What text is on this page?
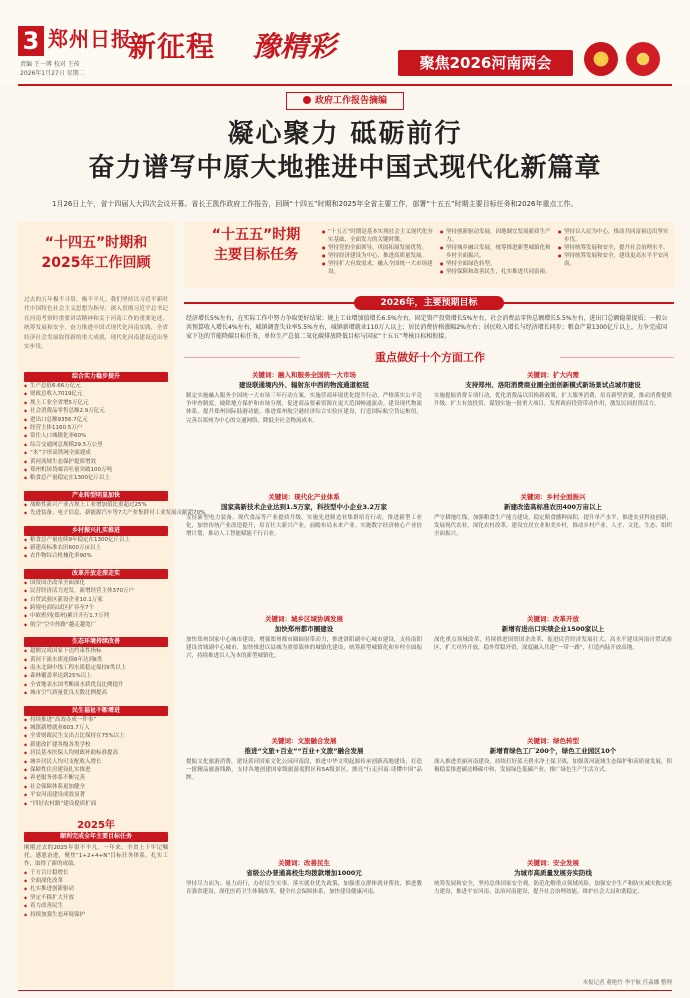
3 郑州日报
责编 王一博 校对 王传
2026年1月27日 星期二
新征程 豫精彩	聚焦2026河南两会	★	★
政府工作报告摘编
凝心聚力 砥砺前行
奋力谱写中原大地推进中国式现代化新篇章
1月26日上午，省十四届人大四次会议开幕。省长王凯作政府工作报告，回顾“十四五”时期和2025年全省主要工作，部署“十五五”时期主要目标任务和2026年重点工作。
“十四五”时期和
2025年工作回顾
过去的五年极不寻常、极不平凡。我们坚持以习近平新时代中国特色社会主义思想为指导，深入贯彻习近平总书记在河南考察时重要讲话精神和关于河南工作的重要论述，统筹发展和安全，奋力推进中国式现代化河南实践，全省经济社会发展取得新的重大成就，现代化河南建设迈出坚实步伐。
综合实力稳步提升
◆ 生产总值6.66万亿元
◆ 财政总收入7019亿元
◆ 规上工业全省增5万亿元
◆ 社会消费品零售总额2.9万亿元
◆ 进出口总额9356.7亿元
◆ 经营主体1160.5万户
◆ 常住人口城镇化率60%
◆ 综合交通网总规模29.5万公里
◆ “米”字形高铁网全面建成
◆ 黄河流域生态保护提质增效
◆ 郑州机场货邮吞吐量突破100万吨
◆ 粮食总产量稳定在1300亿斤以上
产业转型明显加快
◆ 战略性新兴产业占规上工业增加值比重超过25%
◆ 先进装备、电子信息、新能源汽车等7大产业集群对工业发展贡献超70%
乡村振兴扎实推进
◆ 粮食总产量连续9年稳定在1300亿斤以上
◆ 新建高标准农田600万亩以上
◆ 农作物综合机械化率90%
改革开放走深走实
◆ 国资国企改革全面深化
◆ 民营经济活力迸发，新增经营主体370万户
◆ 自贸试验区新设企业10.1万家
◆ 跨境电商综试区扩容至7个
◆ 中欧班列(郑州)累计开行1.7万列
◆ 航空“空中丝路”越走越宽广
生态环境持续改善
◆ 超额完成国家下达约束性指标
◆ 黄河干流水质连续6年达到Ⅱ类
◆ 南水北调中线工程水质稳定保持Ⅱ类以上
◆ 森林覆盖率达到25%以上
◆ 全省地表水国考断面水质优良比例提升
◆ 城市空气质量优良天数比例提高
民生福祉不断增进
◆ 持续推进“高效办成一件事”
◆ 城镇新增就业603.7万人
◆ 全省财政民生支出占比保持在75%以上
◆ 新建改扩建各级各类学校
◆ 居民基本医保人均财政补助标准提高
◆ 城乡居民人均可支配收入增长
◆ 保障性住房建设扎实推进
◆ 养老服务体系不断完善
◆ 社会保障体系更加健全
◆ 平安河南建设成效显著
◆ “四好农村路”建设提质扩面
2025年
顺利完成全年主要目标任务
刚刚过去的2025年很不平凡。一年来，全省上下牢记嘱托、感恩奋进，聚焦“1+2+4+N”目标任务体系，扎实工作，取得了新的成绩。
◆ 千方百计稳增长
◆ 全面深化改革
◆ 扎实推进创新驱动
◆ 坚定不移扩大开放
◆ 着力改善民生
◆ 持续加强生态环境保护
“十五五”时期
主要目标任务
● “十五五”时期是基本实现社会主义现代化夯实基础、全面发力的关键时期。
● 坚持党的全面领导，巩固拓展发展优势。
● 坚持经济建设为中心，推进高质量发展。
● 坚持扩大有效需求，融入全国统一大市场建设。
● 坚持创新驱动发展，因地制宜发展新质生产力。
● 坚持城乡融合发展，统筹推进新型城镇化和乡村全面振兴。
● 坚持全面绿色转型。
● 坚持保障和改善民生，扎实推进共同富裕。
● 坚持以人民为中心，推动共同富裕迈出坚实步伐。
● 坚持统筹发展和安全，提升社会治理水平。
● 坚持统筹发展和安全，建设更高水平平安河南。
2026年，主要预期目标
经济增长5%左右，在实际工作中努力争取更好结果；规上工业增加值增长6.5%左右，固定资产投资增长5%左右，社会消费品零售总额增长5.5%左右，进出口总额稳量提质；一般公共预算收入增长4%左右，城镇调查失业率5.5%左右，城镇新增就业110万人以上；居民消费价格涨幅2%左右；居民收入增长与经济增长同步；粮食产量1300亿斤以上，力争完成国家下达的节能降碳目标任务，单位生产总值二氧化碳排放降低目标与国家“十五五”考核目标相衔接。
重点做好十个方面工作
关键词：融入和服务全国统一大市场
建设联通境内外、辐射东中西的物流通道枢纽
制定实施融入服务全国统一大市场三年行动方案，实施营商环境优化提升行动，严格落实公平竞争审查制度，破除地方保护和市场分割，促进商品要素资源在更大范围畅通流动。建设现代物流体系，提升郑州国际陆港功能，推进郑州航空港经济综合实验区建设，打造国际航空货运枢纽，完善以郑州为中心的交通网络，降低全社会物流成本。
关键词：现代化产业体系
国家高新技术企业达到1.5万家，科技型中小企业3.2万家
支持新型电力装备、现代食品等产业提质升级，实施先进制造业集群培育行动，推进新型工业化，加快传统产业改造提升，培育壮大新兴产业，前瞻布局未来产业。实施数字经济核心产业倍增计划，推动人工智能赋能千行百业。
关键词：城乡区域协调发展
加快郑州都市圈建设
加快郑州国家中心城市建设，增强郑州都市圈辐射带动力，推进洛阳副中心城市建设，支持南阳建设省域副中心城市，加快推进以县城为重要载体的城镇化建设，统筹新型城镇化和乡村全面振兴，持续推进以人为本的新型城镇化。
关键词：文旅融合发展
推进“文旅+百业”“百业+文旅”融合发展
提振文化旅游消费，建设黄河国家文化公园河南段，推进中华文明起源传承创新高地建设，打造一批精品旅游线路，支持各地创建国家级旅游度假区和5A级景区，擦亮“行走河南·读懂中国”品牌。
关键词：改善民生
省级公办普通高校生均拨款增加1000元
坚持尽力而为、量力而行，办好民生实事。落实就业优先政策，加强重点群体就业帮扶，推进教育强省建设，深化医药卫生体制改革，健全社会保障体系，加快建设健康河南。
关键词：扩大内需
支持郑州、洛阳消费商业圈全面创新模式新场景试点城市建设
实施提振消费专项行动，优化消费品以旧换新政策，扩大服务消费，培育新型消费，推动消费提质升级。扩大有效投资，谋划实施一批重大项目，发挥政府投资带动作用，激发民间投资活力。
关键词：乡村全面振兴
新建改造高标准农田400万亩以上
严守耕地红线，加强粮食生产能力建设，稳定粮食播种面积，提升单产水平，推进农业科技创新，发展现代农业，深化农村改革，建设宜居宜业和美乡村，推动乡村产业、人才、文化、生态、组织全面振兴。
关键词：改革开放
新增有进出口实绩企业1500家以上
深化重点领域改革，持续推进国资国企改革，促进民营经济发展壮大，高水平建设河南自贸试验区，扩大对外开放，稳外贸稳外资，深度融入共建“一带一路”，打造内陆开放高地。
关键词：绿色转型
新增育绿色工厂200个，绿色工业园区10个
深入推进美丽河南建设，持续打好蓝天碧水净土保卫战，加强黄河流域生态保护和高质量发展，积极稳妥推进碳达峰碳中和，发展绿色低碳产业，推广绿色生产生活方式。
关键词：安全发展
为城市高质量发展夯实防线
统筹发展和安全，坚持总体国家安全观，防范化解重点领域风险，加强安全生产和防灾减灾救灾能力建设，推进平安河南、法治河南建设，提升社会治理效能，维护社会大局和谐稳定。
本报记者 董艳竹 李宇航 任淼娜 整理
